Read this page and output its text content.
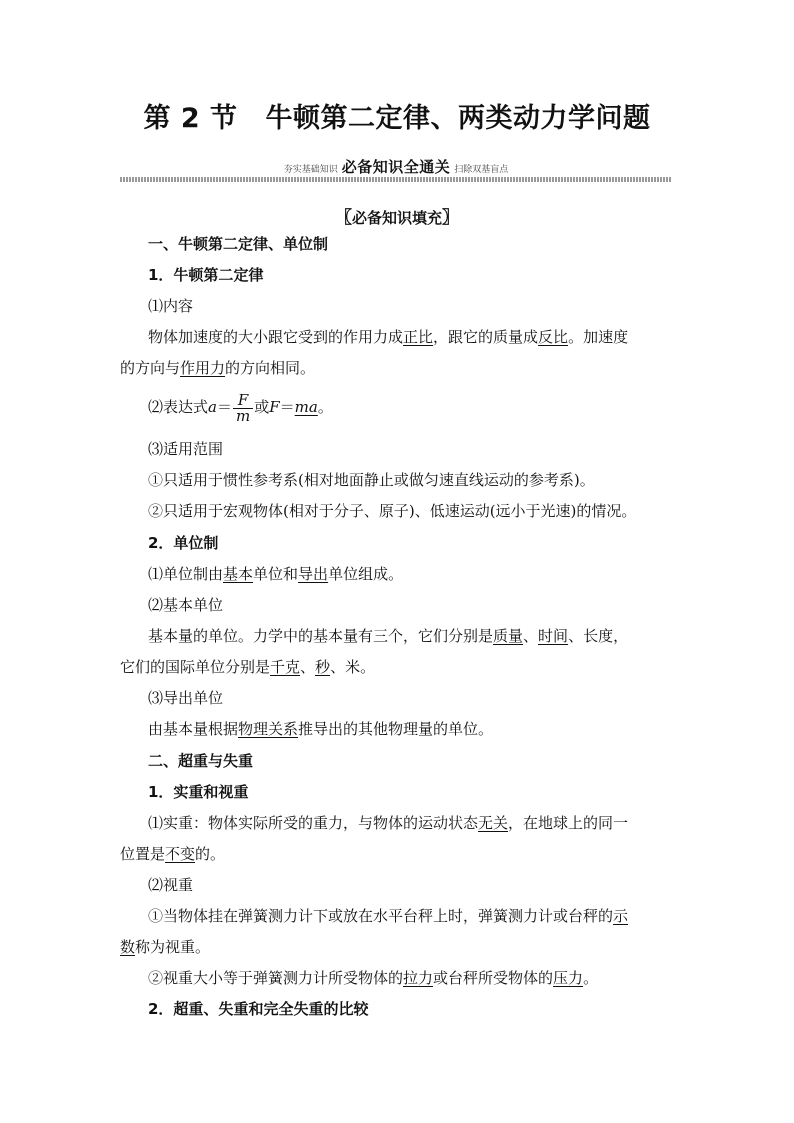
第 2 节 牛顿第二定律、两类动力学问题
夯实基础知识 必备知识全通关 扫除双基盲点
〖必备知识填充〗
一、牛顿第二定律、单位制
1．牛顿第二定律
⑴内容
物体加速度的大小跟它受到的作用力成正比，跟它的质量成反比。加速度
的方向与作用力的方向相同。
⑵表达式$a= \frac{F}{m}$ 或F＝ma。
⑶适用范围
①只适用于惯性参考系(相对地面静止或做匀速直线运动的参考系)。
②只适用于宏观物体(相对于分子、原子)、低速运动(远小于光速)的情况。
2．单位制
⑴单位制由基本单位和导出单位组成。
⑵基本单位
基本量的单位。力学中的基本量有三个，它们分别是质量、时间、长度，
它们的国际单位分别是千克、秒、米。
⑶导出单位
由基本量根据物理关系推导出的其他物理量的单位。
二、超重与失重
1．实重和视重
⑴实重：物体实际所受的重力，与物体的运动状态无关，在地球上的同一
位置是不变的。
⑵视重
①当物体挂在弹簧测力计下或放在水平台秤上时，弹簧测力计或台秤的示
数称为视重。
②视重大小等于弹簧测力计所受物体的拉力或台秤所受物体的压力。
2．超重、失重和完全失重的比较
